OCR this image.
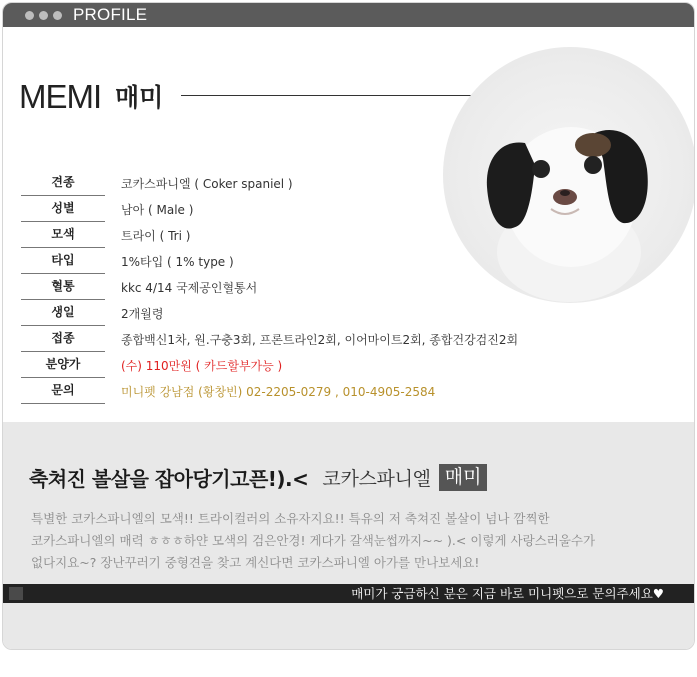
PROFILE
MEMI 매미
견종	코카스파니엘 ( Coker spaniel )
성별	남아 ( Male )
모색	트라이 ( Tri )
타입	1%타입 ( 1% type )
혈통	kkc 4/14 국제공인혈통서
생일	2개월령
접종	종합백신1차, 원.구충3회, 프론트라인2회, 이어마이트2회, 종합건강검진2회
분양가	(수) 110만원 ( 카드할부가능 )
문의	미니펫 강남점 (황창빈) 02-2205-0279 , 010-4905-2584
축쳐진 볼살을 잡아당기고픈!).< 코카스파니엘 매미

특별한 코카스파니엘의 모색!! 트라이컬러의 소유자지요!! 특유의 저 축쳐진 볼살이 넘나 깜찍한

코카스파니엘의 매력 ㅎㅎㅎ하얀 모색의 검은안경! 게다가 갈색눈썹까지~~ ).< 이렇게 사랑스러울수가

없다지요~? 장난꾸러기 중형견을 찾고 계신다면 코카스파니엘 아가를 만나보세요!

매미가 궁금하신 분은 지금 바로 미니펫으로 문의주세요♥
